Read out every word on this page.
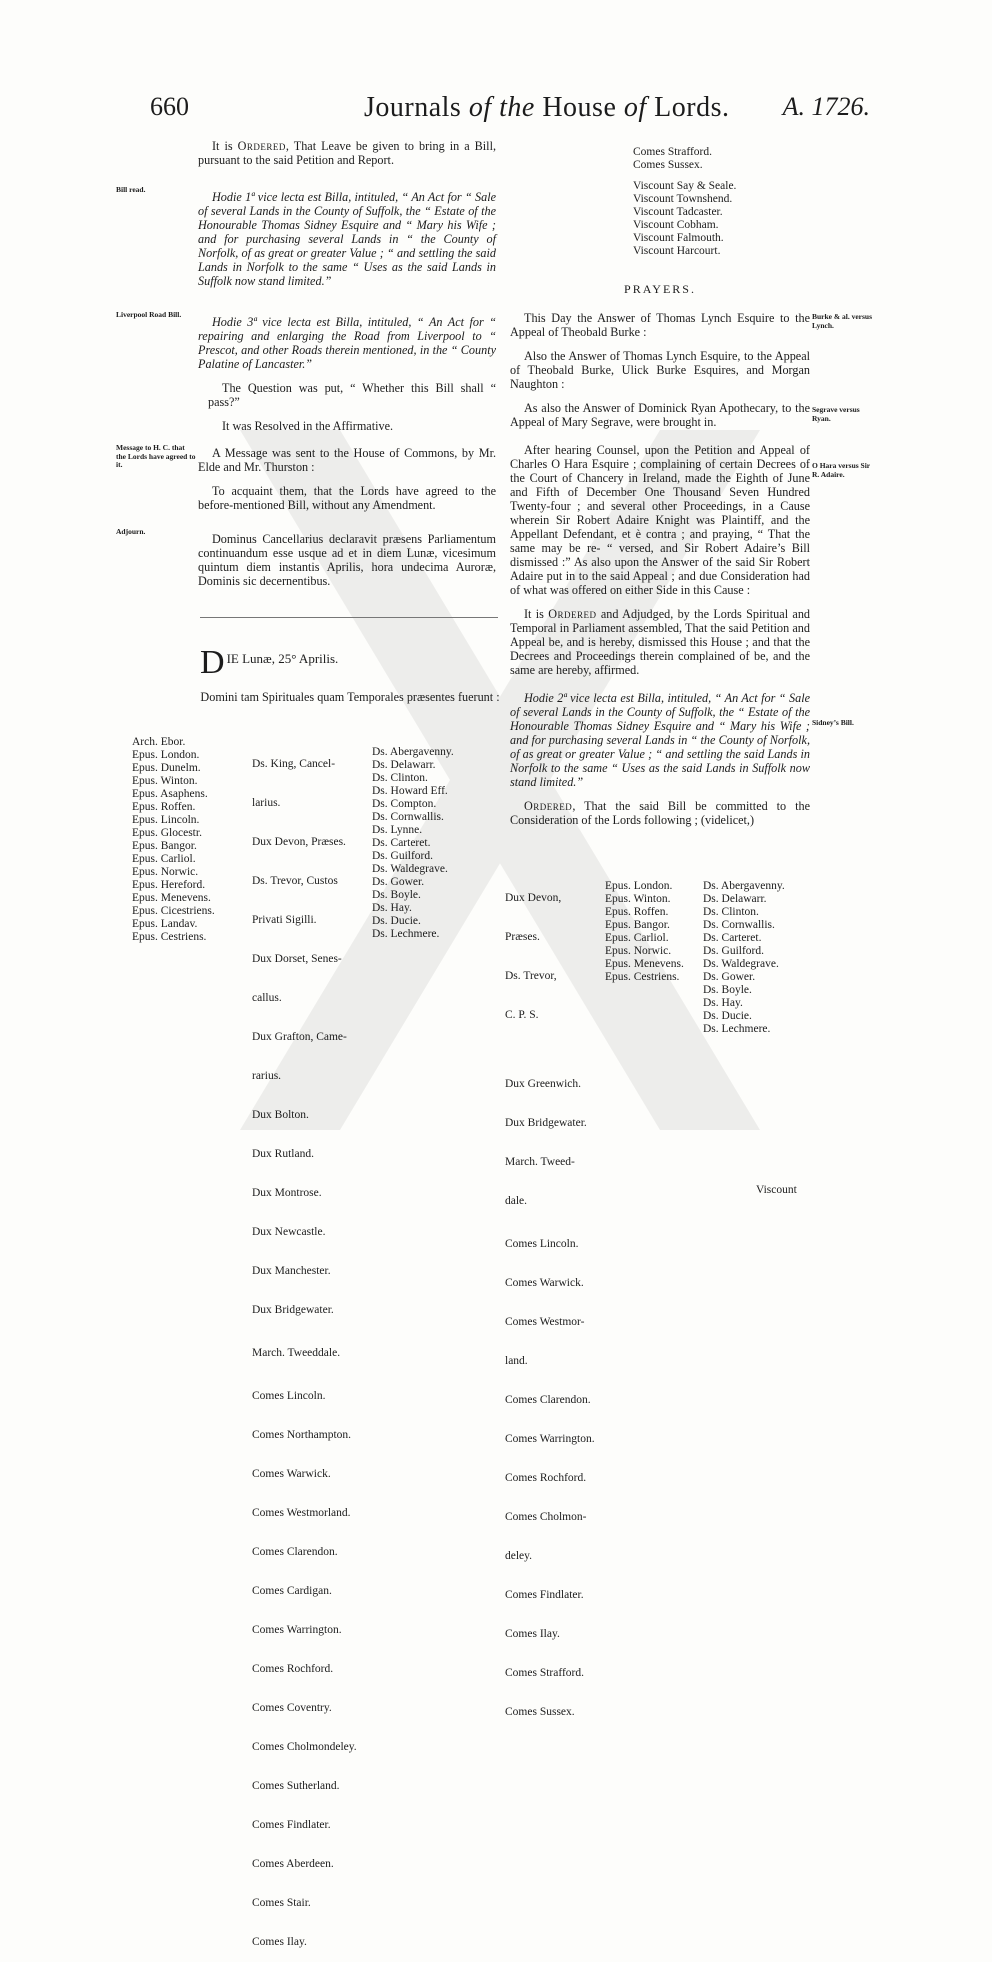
660	Journals of the House of Lords. A. 1726.

It is Ordered, That Leave be given to bring in a Bill, pursuant to the said Petition and Report.

Bill read.

Hodie 1ª vice lecta est Billa, intituled, “ An Act for “ Sale of several Lands in the County of Suffolk, the “ Estate of the Honourable Thomas Sidney Esquire and “ Mary his Wife ; and for purchasing several Lands in “ the County of Norfolk, of as great or greater Value ; “ and settling the said Lands in Norfolk to the same “ Uses as the said Lands in Suffolk now stand limited.”

Liverpool Road Bill.

Hodie 3ª vice lecta est Billa, intituled, “ An Act for “ repairing and enlarging the Road from Liverpool to “ Prescot, and other Roads therein mentioned, in the “ County Palatine of Lancaster.”

The Question was put, “ Whether this Bill shall “ pass?”

It was Resolved in the Affirmative.

Message to H. C. that the Lords have agreed to it.

A Message was sent to the House of Commons, by Mr. Elde and Mr. Thurston :

To acquaint them, that the Lords have agreed to the before-mentioned Bill, without any Amendment.

Adjourn.

Dominus Cancellarius declaravit præsens Parliamentum continuandum esse usque ad et in diem Lunæ, vicesimum quintum diem instantis Aprilis, hora undecima Auroræ, Dominis sic decernentibus.

DIE Lunæ, 25° Aprilis.
Domini tam Spirituales quam Temporales præsentes fuerunt :
Arch. Ebor.
Epus. London.
Epus. Dunelm.
Epus. Winton.
Epus. Asaphens.
Epus. Roffen.
Epus. Lincoln.
Epus. Glocestr.
Epus. Bangor.
Epus. Carliol.
Epus. Norwic.
Epus. Hereford.
Epus. Menevens.
Epus. Cicestriens.
Epus. Landav.
Epus. Cestriens.

Ds. King, Cancel-

larius.

Dux Devon, Præses.

Ds. Trevor, Custos

Privati Sigilli.

Dux Dorset, Senes-

callus.

Dux Grafton, Came-

rarius.

Dux Bolton.

Dux Rutland.

Dux Montrose.

Dux Newcastle.

Dux Manchester.

Dux Bridgewater.

March. Tweeddale.

Comes Lincoln.

Comes Northampton.

Comes Warwick.

Comes Westmorland.

Comes Clarendon.

Comes Cardigan.

Comes Warrington.

Comes Rochford.

Comes Coventry.

Comes Cholmondeley.

Comes Sutherland.

Comes Findlater.

Comes Aberdeen.

Comes Stair.

Comes Ilay.

Ds. Abergavenny.
Ds. Delawarr.
Ds. Clinton.
Ds. Howard Eff.
Ds. Compton.
Ds. Cornwallis.
Ds. Lynne.
Ds. Carteret.
Ds. Guilford.
Ds. Waldegrave.
Ds. Gower.
Ds. Boyle.
Ds. Hay.
Ds. Ducie.
Ds. Lechmere.
Comes Strafford.
Comes Sussex.
Viscount Say & Seale.
Viscount Townshend.
Viscount Tadcaster.
Viscount Cobham.
Viscount Falmouth.
Viscount Harcourt.
PRAYERS.

This Day the Answer of Thomas Lynch Esquire to the Appeal of Theobald Burke :

Also the Answer of Thomas Lynch Esquire, to the Appeal of Theobald Burke, Ulick Burke Esquires, and Morgan Naughton :

As also the Answer of Dominick Ryan Apothecary, to the Appeal of Mary Segrave, were brought in.

After hearing Counsel, upon the Petition and Appeal of Charles O Hara Esquire ; complaining of certain Decrees of the Court of Chancery in Ireland, made the Eighth of June and Fifth of December One Thousand Seven Hundred Twenty-four ; and several other Proceedings, in a Cause wherein Sir Robert Adaire Knight was Plaintiff, and the Appellant Defendant, et è contra ; and praying, “ That the same may be re- “ versed, and Sir Robert Adaire’s Bill dismissed :” As also upon the Answer of the said Sir Robert Adaire put in to the said Appeal ; and due Consideration had of what was offered on either Side in this Cause :

It is Ordered and Adjudged, by the Lords Spiritual and Temporal in Parliament assembled, That the said Petition and Appeal be, and is hereby, dismissed this House ; and that the Decrees and Proceedings therein complained of be, and the same are hereby, affirmed.

Hodie 2ª vice lecta est Billa, intituled, “ An Act for “ Sale of several Lands in the County of Suffolk, the “ Estate of the Honourable Thomas Sidney Esquire and “ Mary his Wife ; and for purchasing several Lands in “ the County of Norfolk, of as great or greater Value ; “ and settling the said Lands in Norfolk to the same “ Uses as the said Lands in Suffolk now stand limited.”

Ordered, That the said Bill be committed to the Consideration of the Lords following ; (videlicet,)

Burke & al. versus Lynch.
Segrave versus Ryan.
O Hara versus Sir R. Adaire.
Sidney’s Bill.

Dux Devon,

Præses.

Ds. Trevor,

C. P. S.

Dux Greenwich.

Dux Bridgewater.

March. Tweed-

dale.

Comes Lincoln.

Comes Warwick.

Comes Westmor-

land.

Comes Clarendon.

Comes Warrington.

Comes Rochford.

Comes Cholmon-

deley.

Comes Findlater.

Comes Ilay.

Comes Strafford.

Comes Sussex.

Epus. London.
Epus. Winton.
Epus. Roffen.
Epus. Bangor.
Epus. Carliol.
Epus. Norwic.
Epus. Menevens.
Epus. Cestriens.
Ds. Abergavenny.
Ds. Delawarr.
Ds. Clinton.
Ds. Cornwallis.
Ds. Carteret.
Ds. Guilford.
Ds. Waldegrave.
Ds. Gower.
Ds. Boyle.
Ds. Hay.
Ds. Ducie.
Ds. Lechmere.
Viscount
